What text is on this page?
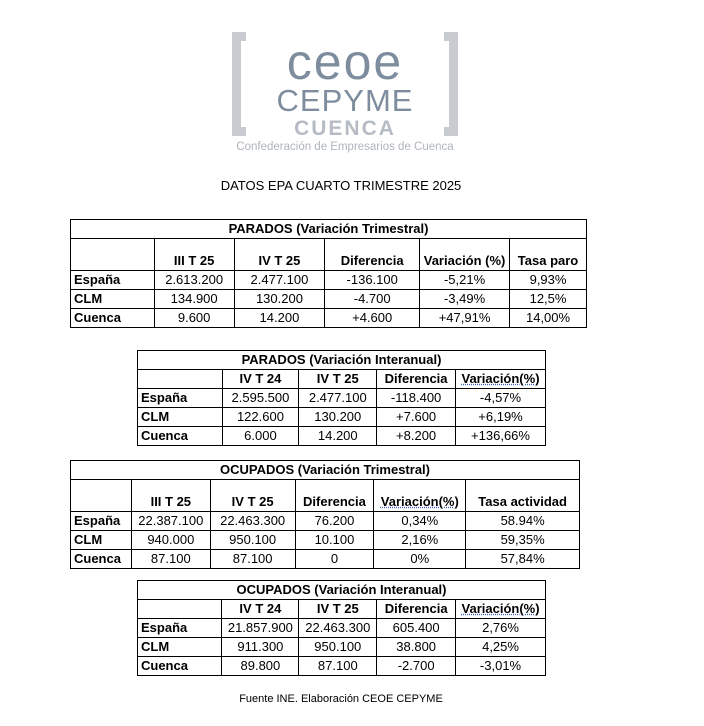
ceoe
CEPYME
CUENCA
Confederación de Empresarios de Cuenca
DATOS EPA CUARTO TRIMESTRE 2025
PARADOS (Variación Trimestral)					
	III T 25	IV T 25	Diferencia	Variación (%)	Tasa paro
España	2.613.200	2.477.100	-136.100	-5,21%	9,93%
CLM	134.900	130.200	-4.700	-3,49%	12,5%
Cuenca	9.600	14.200	+4.600	+47,91%	14,00%
PARADOS (Variación Interanual)				
	IV T 24	IV T 25	Diferencia	Variación(%)
España	2.595.500	2.477.100	-118.400	-4,57%
CLM	122.600	130.200	+7.600	+6,19%
Cuenca	6.000	14.200	+8.200	+136,66%
OCUPADOS (Variación Trimestral)					
	III T 25	IV T 25	Diferencia	Variación(%)	Tasa actividad
España	22.387.100	22.463.300	76.200	0,34%	58.94%
CLM	940.000	950.100	10.100	2,16%	59,35%
Cuenca	87.100	87.100	0	0%	57,84%
OCUPADOS (Variación Interanual)				
	IV T 24	IV T 25	Diferencia	Variación(%)
España	21.857.900	22.463.300	605.400	2,76%
CLM	911.300	950.100	38.800	4,25%
Cuenca	89.800	87.100	-2.700	-3,01%
Fuente INE. Elaboración CEOE CEPYME
